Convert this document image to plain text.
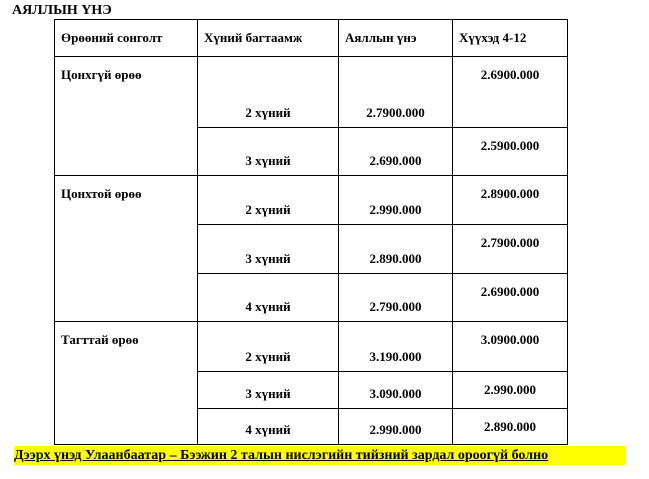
АЯЛЛЫН ҮНЭ
Өрөөний сонголт	Хүний багтаамж	Аяллын үнэ	Хүүхэд 4-12
Цонхгүй өрөө	2 хүний	2.7900.000	2.6900.000
	3 хүний	2.690.000	2.5900.000
Цонхтой өрөө	2 хүний	2.990.000	2.8900.000
	3 хүний	2.890.000	2.7900.000
	4 хүний	2.790.000	2.6900.000
Тагттай өрөө	2 хүний	3.190.000	3.0900.000
	3 хүний	3.090.000	2.990.000
	4 хүний	2.990.000	2.890.000
Дээрх үнэд Улаанбаатар – Бээжин 2 талын нислэгийн тийзний зардал ороогүй болно
